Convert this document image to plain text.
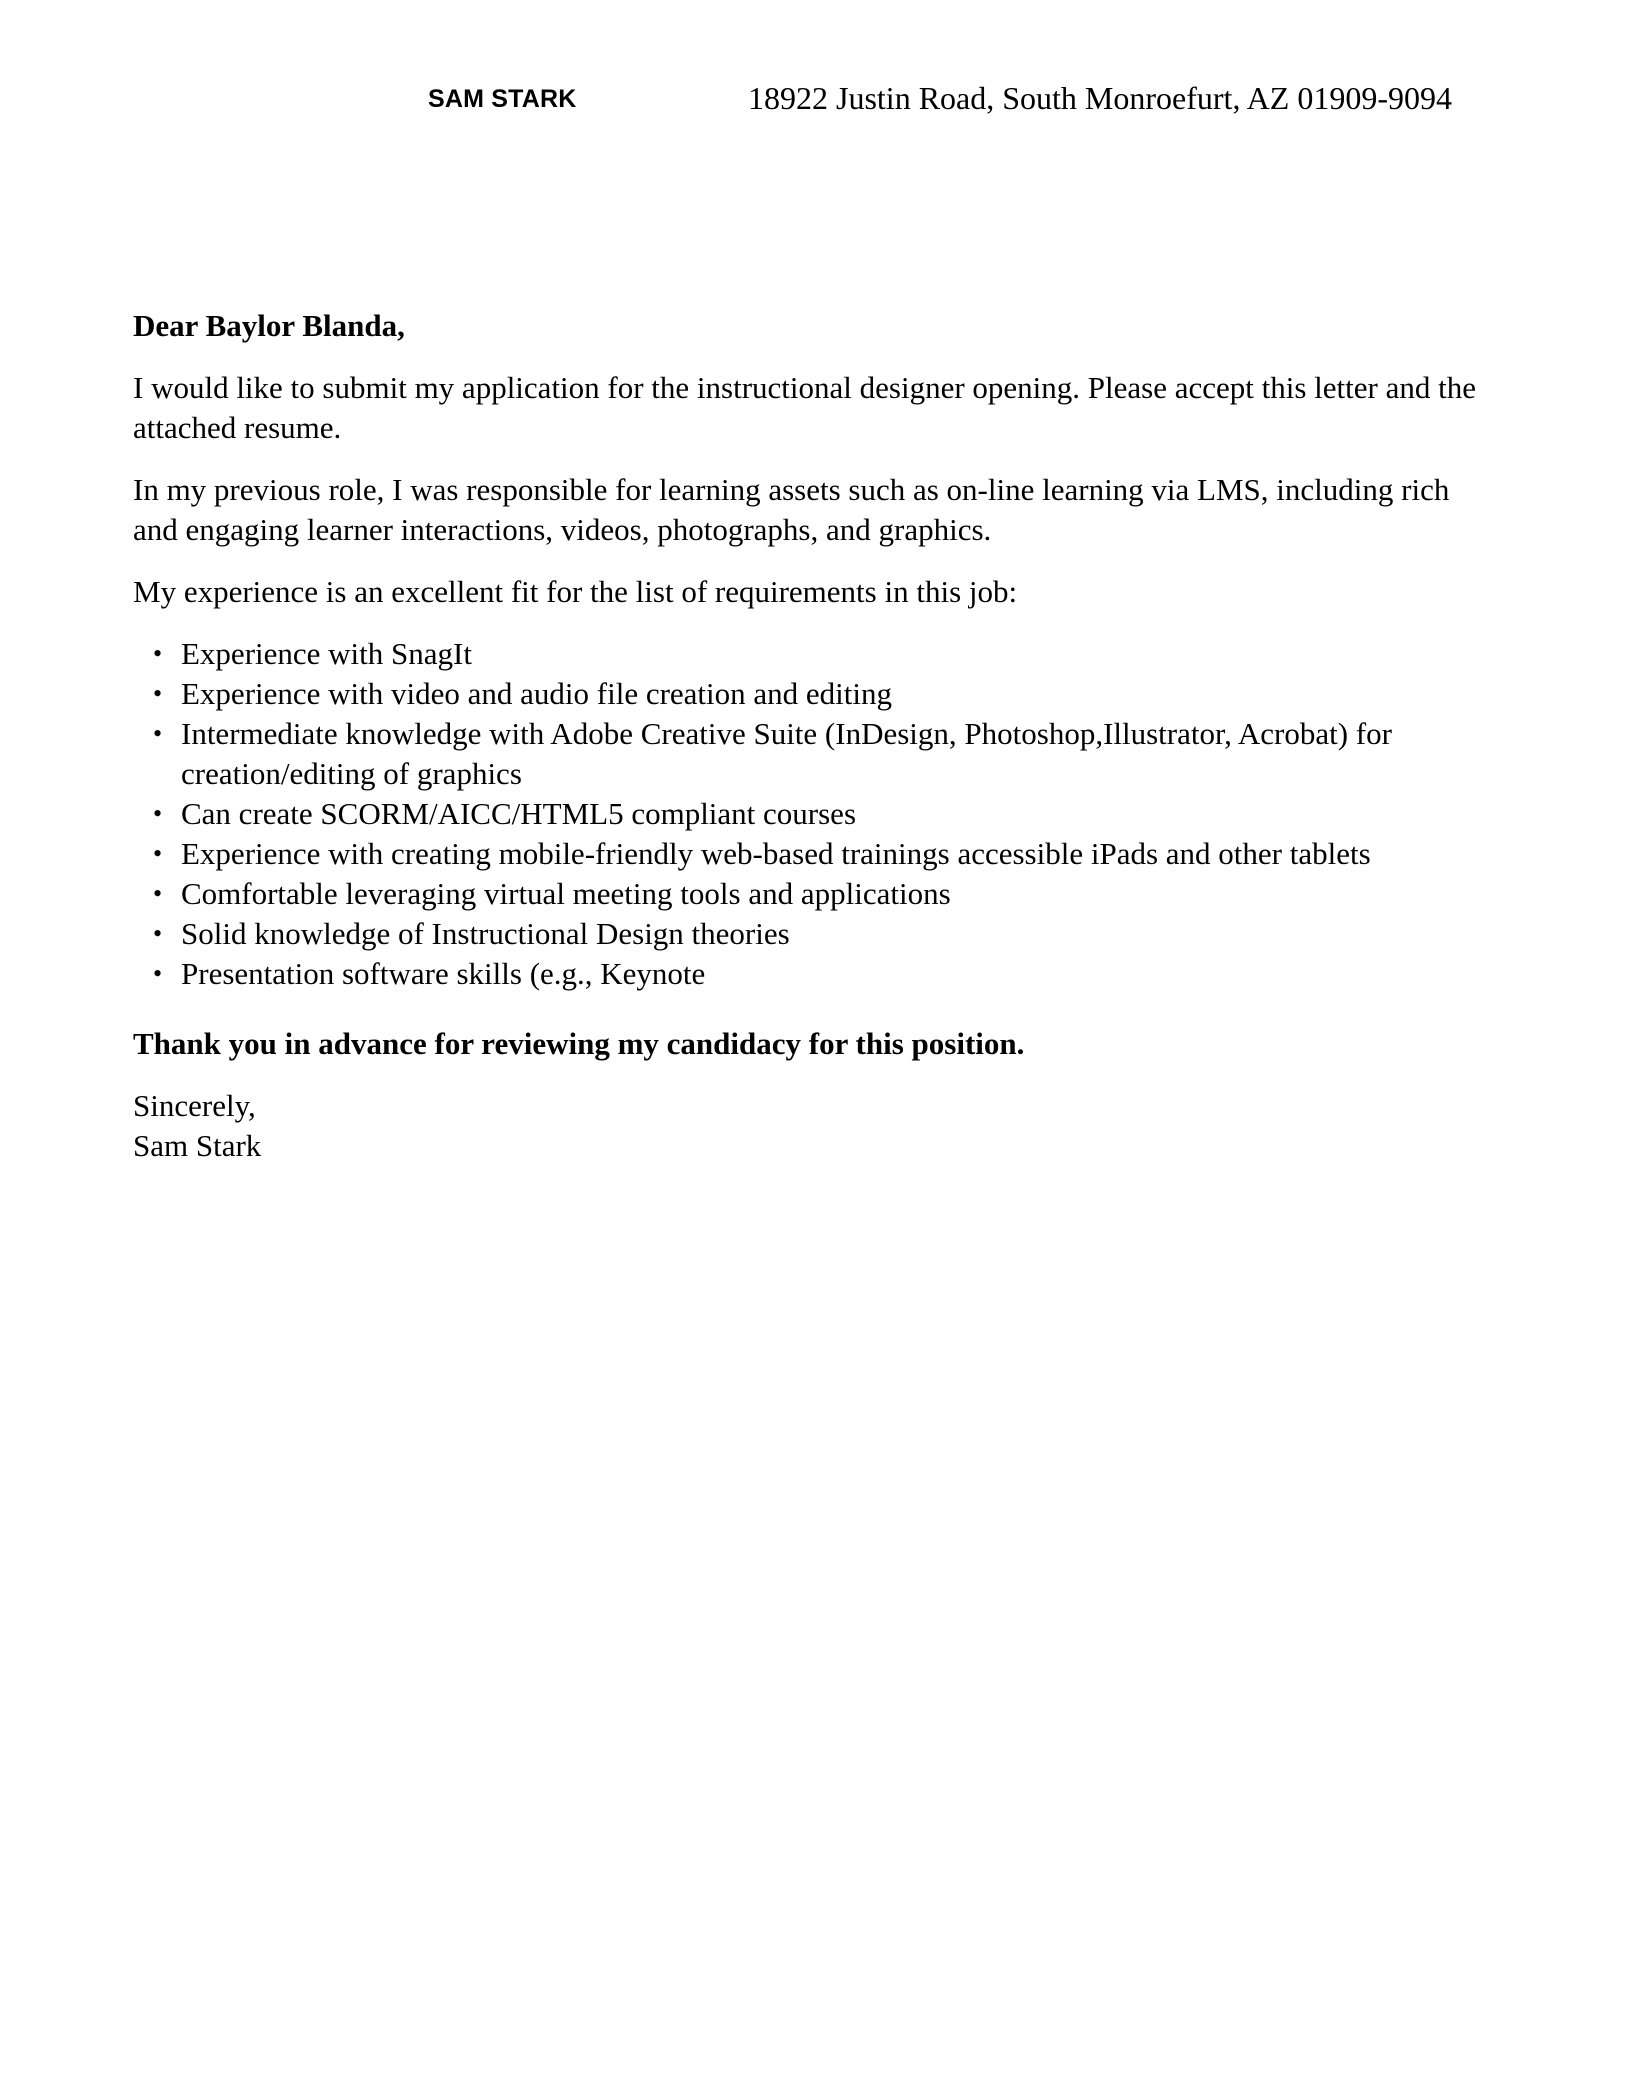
SAM STARK	18922 Justin Road, South Monroefurt, AZ 01909-9094

Dear Baylor Blanda,

I would like to submit my application for the instructional designer opening. Please accept this letter and the attached resume.

In my previous role, I was responsible for learning assets such as on-line learning via LMS, including rich and engaging learner interactions, videos, photographs, and graphics.

My experience is an excellent fit for the list of requirements in this job:

• Experience with SnagIt
• Experience with video and audio file creation and editing
• Intermediate knowledge with Adobe Creative Suite (InDesign, Photoshop,Illustrator, Acrobat) for creation/editing of graphics
• Can create SCORM/AICC/HTML5 compliant courses
• Experience with creating mobile-friendly web-based trainings accessible iPads and other tablets
• Comfortable leveraging virtual meeting tools and applications
• Solid knowledge of Instructional Design theories
• Presentation software skills (e.g., Keynote

Thank you in advance for reviewing my candidacy for this position.

Sincerely,

Sam Stark
